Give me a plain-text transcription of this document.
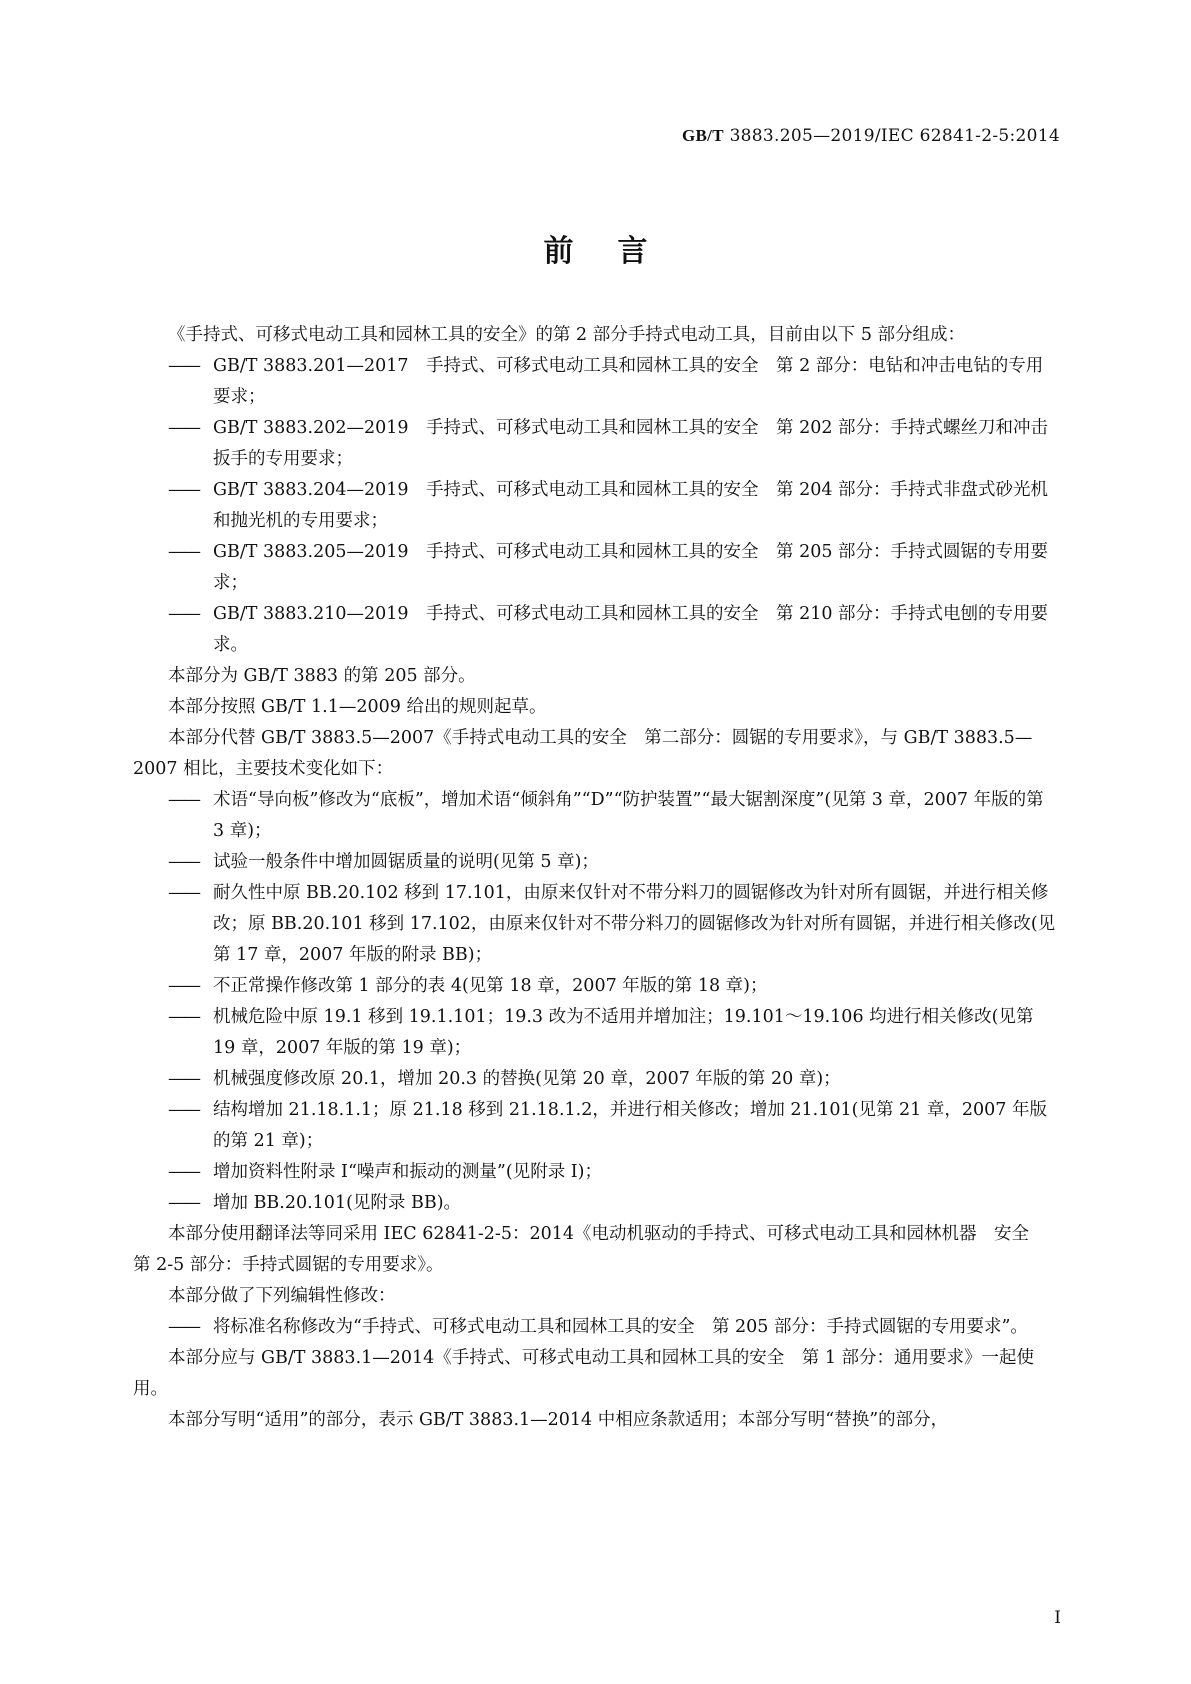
GB/T 3883.205—2019/IEC 62841-2-5:2014
前言
《手持式、可移式电动工具和园林工具的安全》的第 2 部分手持式电动工具，目前由以下 5 部分组成：
—— GB/T 3883.201—2017　手持式、可移式电动工具和园林工具的安全　第 2 部分：电钻和冲击电钻的专用要求；
—— GB/T 3883.202—2019　手持式、可移式电动工具和园林工具的安全　第 202 部分：手持式螺丝刀和冲击扳手的专用要求；
—— GB/T 3883.204—2019　手持式、可移式电动工具和园林工具的安全　第 204 部分：手持式非盘式砂光机和抛光机的专用要求；
—— GB/T 3883.205—2019　手持式、可移式电动工具和园林工具的安全　第 205 部分：手持式圆锯的专用要求；
—— GB/T 3883.210—2019　手持式、可移式电动工具和园林工具的安全　第 210 部分：手持式电刨的专用要求。
本部分为 GB/T 3883 的第 205 部分。
本部分按照 GB/T 1.1—2009 给出的规则起草。
本部分代替 GB/T 3883.5—2007《手持式电动工具的安全　第二部分：圆锯的专用要求》，与 GB/T 3883.5—2007 相比，主要技术变化如下：
—— 术语“导向板”修改为“底板”，增加术语“倾斜角”“D”“防护装置”“最大锯割深度”(见第 3 章，2007 年版的第 3 章)；
—— 试验一般条件中增加圆锯质量的说明(见第 5 章)；
—— 耐久性中原 BB.20.102 移到 17.101，由原来仅针对不带分料刀的圆锯修改为针对所有圆锯，并进行相关修改；原 BB.20.101 移到 17.102，由原来仅针对不带分料刀的圆锯修改为针对所有圆锯，并进行相关修改(见第 17 章，2007 年版的附录 BB)；
—— 不正常操作修改第 1 部分的表 4(见第 18 章，2007 年版的第 18 章)；
—— 机械危险中原 19.1 移到 19.1.101；19.3 改为不适用并增加注；19.101～19.106 均进行相关修改(见第 19 章，2007 年版的第 19 章)；
—— 机械强度修改原 20.1，增加 20.3 的替换(见第 20 章，2007 年版的第 20 章)；
—— 结构增加 21.18.1.1；原 21.18 移到 21.18.1.2，并进行相关修改；增加 21.101(见第 21 章，2007 年版的第 21 章)；
—— 增加资料性附录 I“噪声和振动的测量”(见附录 I)；
—— 增加 BB.20.101(见附录 BB)。
本部分使用翻译法等同采用 IEC 62841-2-5：2014《电动机驱动的手持式、可移式电动工具和园林机器　安全　第 2-5 部分：手持式圆锯的专用要求》。
本部分做了下列编辑性修改：
—— 将标准名称修改为“手持式、可移式电动工具和园林工具的安全　第 205 部分：手持式圆锯的专用要求”。
本部分应与 GB/T 3883.1—2014《手持式、可移式电动工具和园林工具的安全　第 1 部分：通用要求》一起使用。
本部分写明“适用”的部分，表示 GB/T 3883.1—2014 中相应条款适用；本部分写明“替换”的部分，
I
